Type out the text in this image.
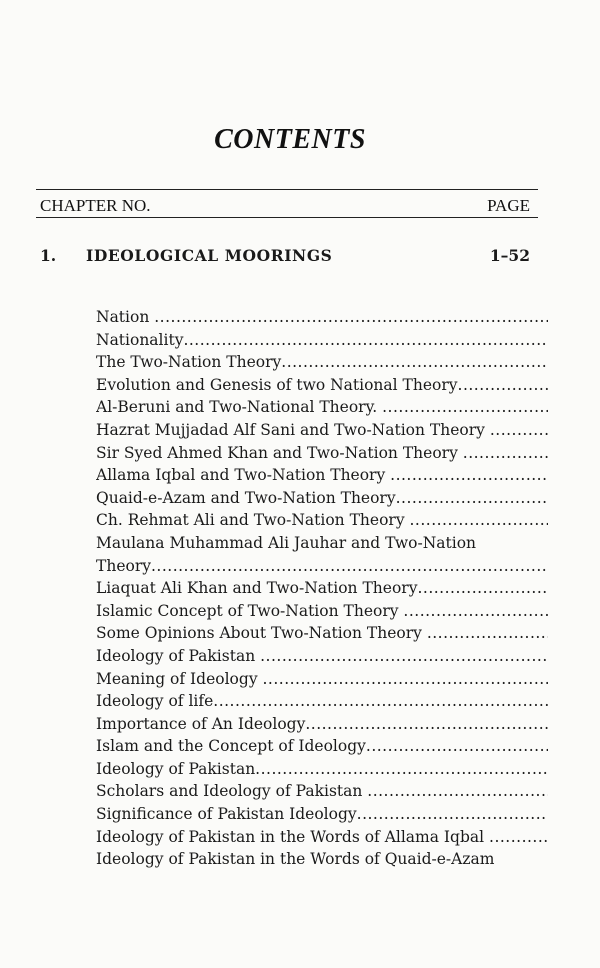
CONTENTS
CHAPTER NO.	PAGE
1.	IDEOLOGICAL MOORINGS	1–52
Nation .....
Nationality .....
The Two-Nation Theory .....
Evolution and Genesis of two National Theory .....
Al-Beruni and Two-National Theory. .....
Hazrat Mujjadad Alf Sani and Two-Nation Theory .....
Sir Syed Ahmed Khan and Two-Nation Theory .....
Allama Iqbal and Two-Nation Theory .....
Quaid-e-Azam and Two-Nation Theory .....
Ch. Rehmat Ali and Two-Nation Theory .....
Maulana Muhammad Ali Jauhar and Two-Nation
Theory .....
Liaquat Ali Khan and Two-Nation Theory .....
Islamic Concept of Two-Nation Theory .....
Some Opinions About Two-Nation Theory .....
Ideology of Pakistan .....
Meaning of Ideology .....
Ideology of life .....
Importance of An Ideology .....
Islam and the Concept of Ideology .....
Ideology of Pakistan .....
Scholars and Ideology of Pakistan .....
Significance of Pakistan Ideology .....
Ideology of Pakistan in the Words of Allama Iqbal .....
Ideology of Pakistan in the Words of Quaid-e-Azam
